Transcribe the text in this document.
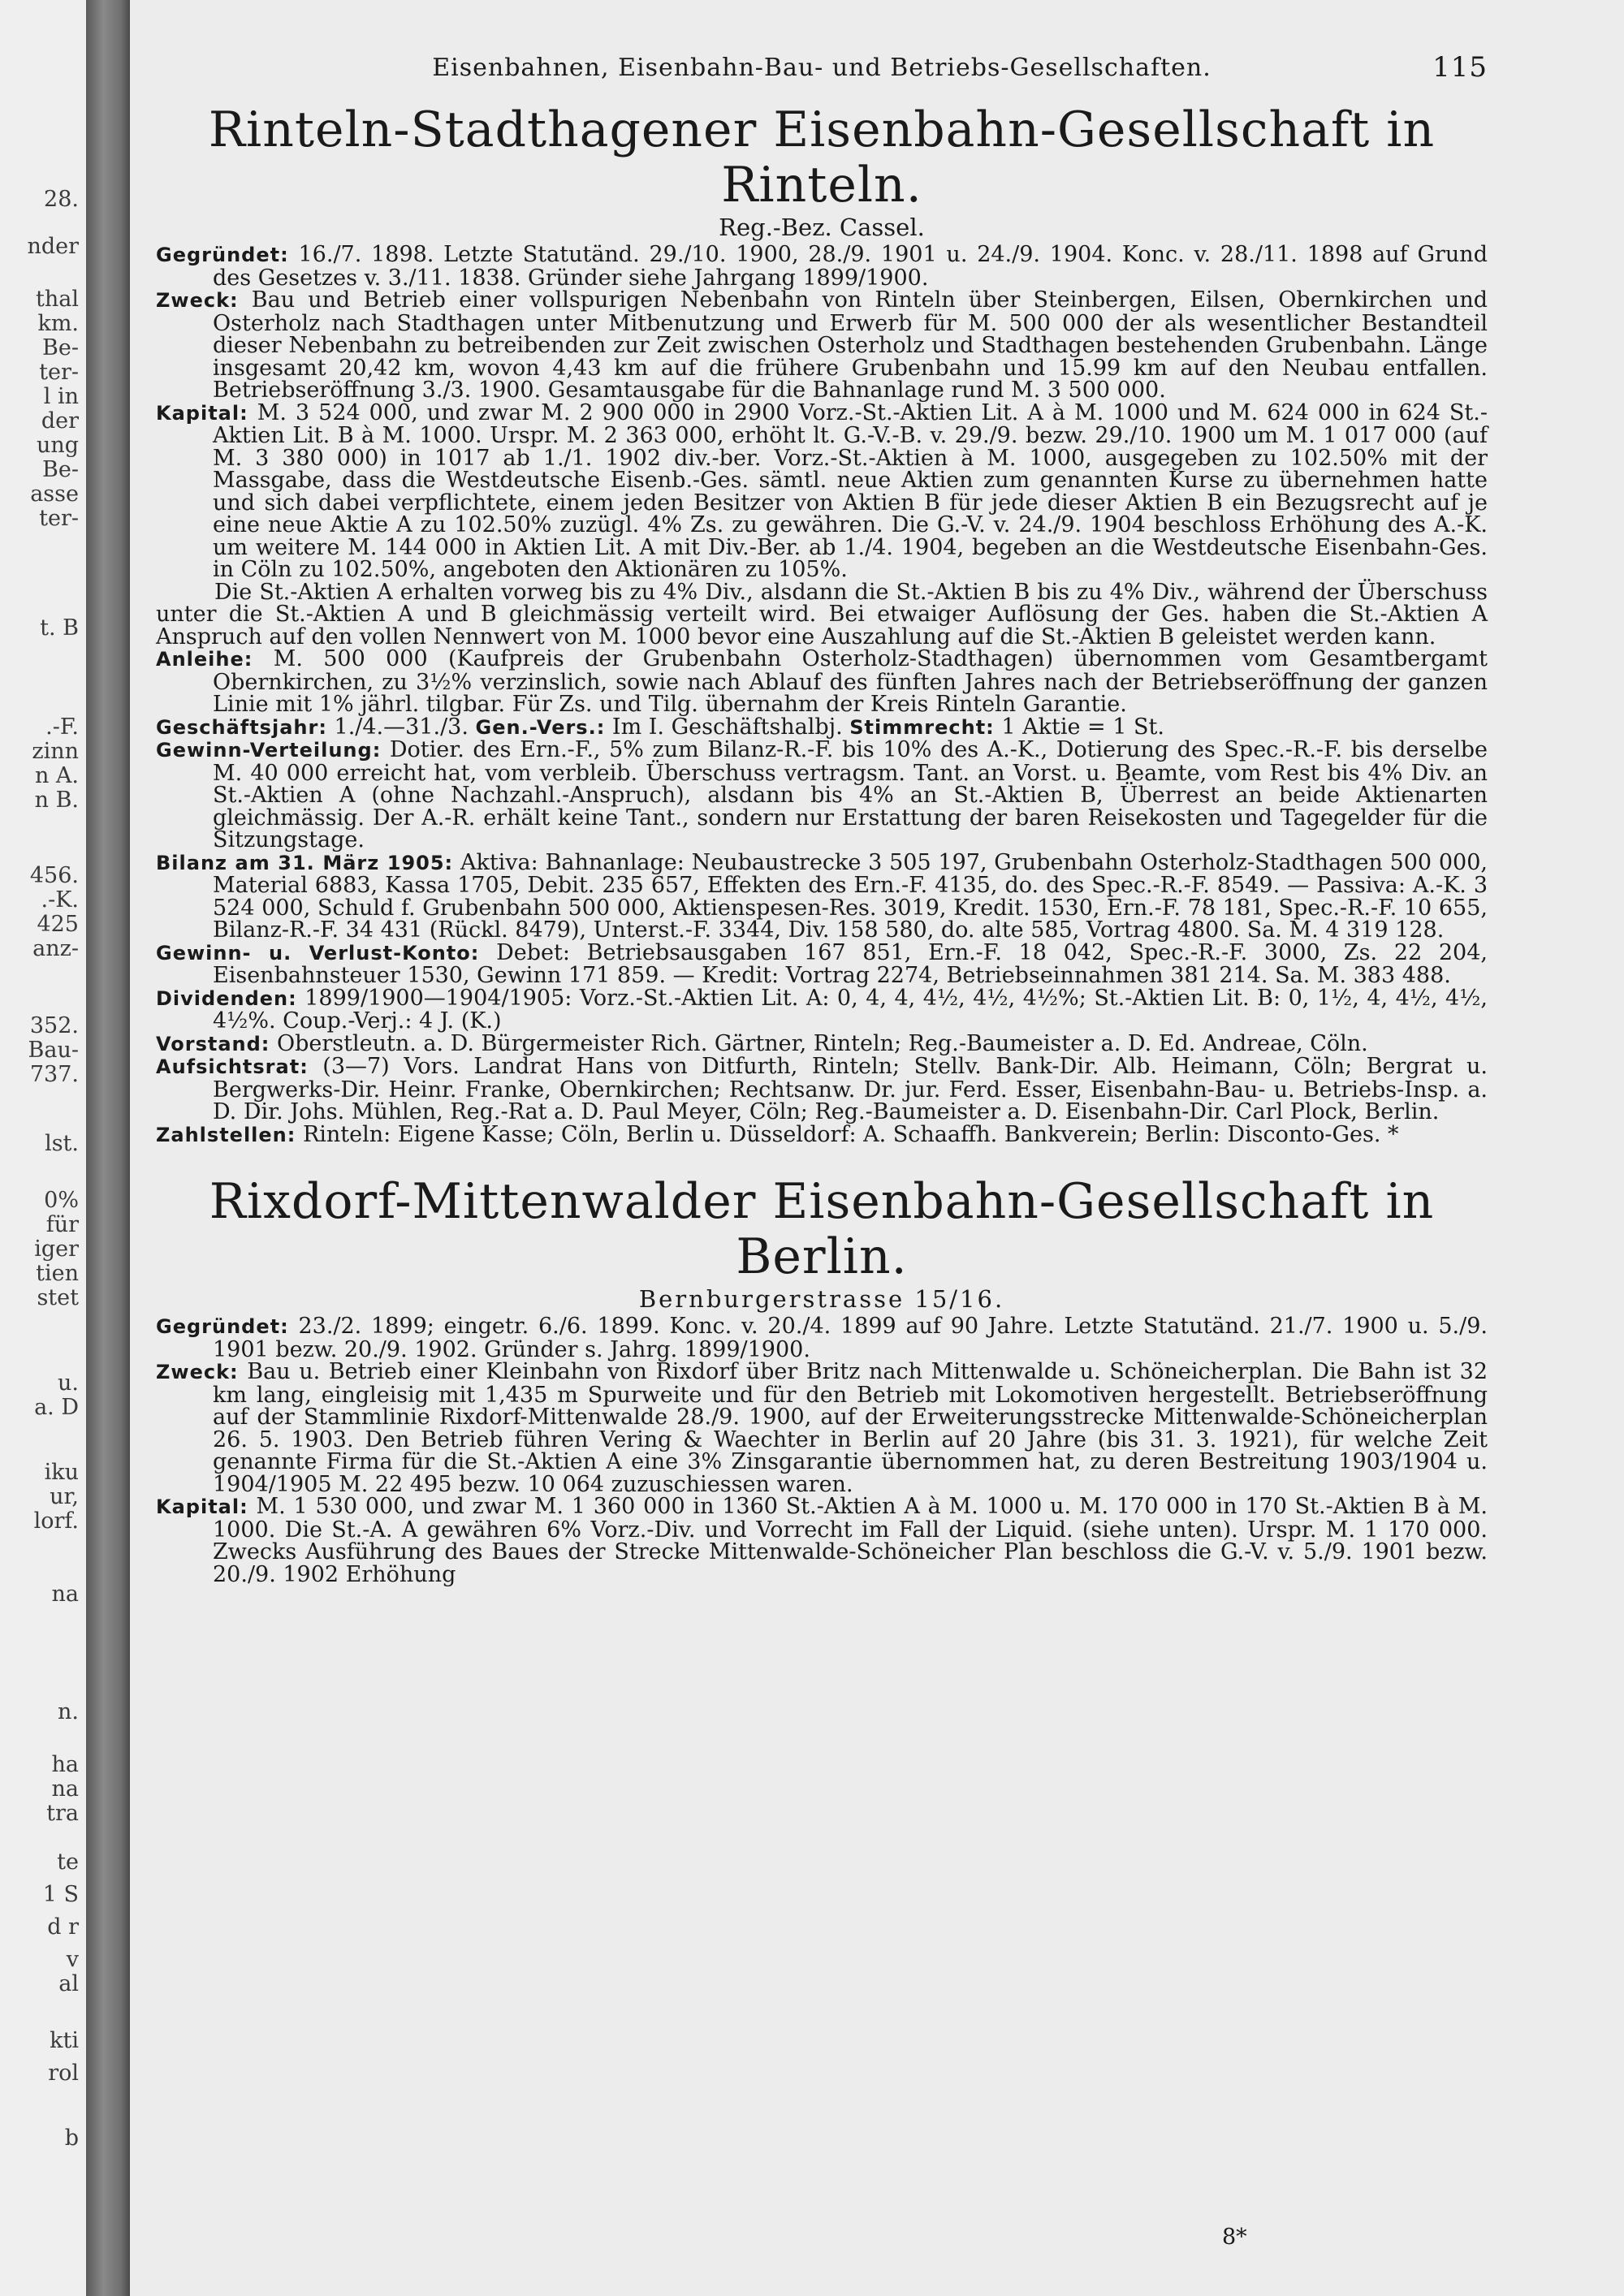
28.
nder
thal
km.
Be-
ter-
l in
der
ung
Be-
asse
ter-
t. B
.-F.
zinn
n A.
n B.
456.
.-K.
425
anz-
352.
Bau-
737.
lst.
0%
für
iger
tien
stet
u.
a. D
iku
ur,
lorf.
na
n.
ha
na
tra
te
1 S
d r
v
al
kti
rol
b
Eisenbahnen, Eisenbahn-Bau- und Betriebs-Gesellschaften.	115
Rinteln-Stadthagener Eisenbahn-Gesellschaft in Rinteln.
Reg.-Bez. Cassel.

Gegründet: 16./7. 1898. Letzte Statutänd. 29./10. 1900, 28./9. 1901 u. 24./9. 1904. Konc. v. 28./11. 1898 auf Grund des Gesetzes v. 3./11. 1838. Gründer siehe Jahrgang 1899/1900.

Zweck: Bau und Betrieb einer vollspurigen Nebenbahn von Rinteln über Steinbergen, Eilsen, Obernkirchen und Osterholz nach Stadthagen unter Mitbenutzung und Erwerb für M. 500 000 der als wesentlicher Bestandteil dieser Nebenbahn zu betreibenden zur Zeit zwischen Osterholz und Stadthagen bestehenden Grubenbahn. Länge insgesamt 20,42 km, wovon 4,43 km auf die frühere Grubenbahn und 15.99 km auf den Neubau entfallen. Betriebseröffnung 3./3. 1900. Gesamtausgabe für die Bahnanlage rund M. 3 500 000.

Kapital: M. 3 524 000, und zwar M. 2 900 000 in 2900 Vorz.-St.-Aktien Lit. A à M. 1000 und M. 624 000 in 624 St.-Aktien Lit. B à M. 1000. Urspr. M. 2 363 000, erhöht lt. G.-V.-B. v. 29./9. bezw. 29./10. 1900 um M. 1 017 000 (auf M. 3 380 000) in 1017 ab 1./1. 1902 div.-ber. Vorz.-St.-Aktien à M. 1000, ausgegeben zu 102.50% mit der Massgabe, dass die Westdeutsche Eisenb.-Ges. sämtl. neue Aktien zum genannten Kurse zu übernehmen hatte und sich dabei verpflichtete, einem jeden Besitzer von Aktien B für jede dieser Aktien B ein Bezugsrecht auf je eine neue Aktie A zu 102.50% zuzügl. 4% Zs. zu gewähren. Die G.-V. v. 24./9. 1904 beschloss Erhöhung des A.-K. um weitere M. 144 000 in Aktien Lit. A mit Div.-Ber. ab 1./4. 1904, begeben an die Westdeutsche Eisenbahn-Ges. in Cöln zu 102.50%, angeboten den Aktionären zu 105%.

Die St.-Aktien A erhalten vorweg bis zu 4% Div., alsdann die St.-Aktien B bis zu 4% Div., während der Überschuss unter die St.-Aktien A und B gleichmässig verteilt wird. Bei etwaiger Auflösung der Ges. haben die St.-Aktien A Anspruch auf den vollen Nennwert von M. 1000 bevor eine Auszahlung auf die St.-Aktien B geleistet werden kann.

Anleihe: M. 500 000 (Kaufpreis der Grubenbahn Osterholz-Stadthagen) übernommen vom Gesamtbergamt Obernkirchen, zu 3½% verzinslich, sowie nach Ablauf des fünften Jahres nach der Betriebseröffnung der ganzen Linie mit 1% jährl. tilgbar. Für Zs. und Tilg. übernahm der Kreis Rinteln Garantie.

Geschäftsjahr: 1./4.—31./3. Gen.-Vers.: Im I. Geschäftshalbj. Stimmrecht: 1 Aktie = 1 St.

Gewinn-Verteilung: Dotier. des Ern.-F., 5% zum Bilanz-R.-F. bis 10% des A.-K., Dotierung des Spec.-R.-F. bis derselbe M. 40 000 erreicht hat, vom verbleib. Überschuss vertragsm. Tant. an Vorst. u. Beamte, vom Rest bis 4% Div. an St.-Aktien A (ohne Nachzahl.-Anspruch), alsdann bis 4% an St.-Aktien B, Überrest an beide Aktienarten gleichmässig. Der A.-R. erhält keine Tant., sondern nur Erstattung der baren Reisekosten und Tagegelder für die Sitzungstage.

Bilanz am 31. März 1905: Aktiva: Bahnanlage: Neubaustrecke 3 505 197, Grubenbahn Osterholz-Stadthagen 500 000, Material 6883, Kassa 1705, Debit. 235 657, Effekten des Ern.-F. 4135, do. des Spec.-R.-F. 8549. — Passiva: A.-K. 3 524 000, Schuld f. Grubenbahn 500 000, Aktienspesen-Res. 3019, Kredit. 1530, Ern.-F. 78 181, Spec.-R.-F. 10 655, Bilanz-R.-F. 34 431 (Rückl. 8479), Unterst.-F. 3344, Div. 158 580, do. alte 585, Vortrag 4800. Sa. M. 4 319 128.

Gewinn- u. Verlust-Konto: Debet: Betriebsausgaben 167 851, Ern.-F. 18 042, Spec.-R.-F. 3000, Zs. 22 204, Eisenbahnsteuer 1530, Gewinn 171 859. — Kredit: Vortrag 2274, Betriebseinnahmen 381 214. Sa. M. 383 488.

Dividenden: 1899/1900—1904/1905: Vorz.-St.-Aktien Lit. A: 0, 4, 4, 4½, 4½, 4½%; St.-Aktien Lit. B: 0, 1½, 4, 4½, 4½, 4½%. Coup.-Verj.: 4 J. (K.)

Vorstand: Oberstleutn. a. D. Bürgermeister Rich. Gärtner, Rinteln; Reg.-Baumeister a. D. Ed. Andreae, Cöln.

Aufsichtsrat: (3—7) Vors. Landrat Hans von Ditfurth, Rinteln; Stellv. Bank-Dir. Alb. Heimann, Cöln; Bergrat u. Bergwerks-Dir. Heinr. Franke, Obernkirchen; Rechtsanw. Dr. jur. Ferd. Esser, Eisenbahn-Bau- u. Betriebs-Insp. a. D. Dir. Johs. Mühlen, Reg.-Rat a. D. Paul Meyer, Cöln; Reg.-Baumeister a. D. Eisenbahn-Dir. Carl Plock, Berlin.

Zahlstellen: Rinteln: Eigene Kasse; Cöln, Berlin u. Düsseldorf: A. Schaaffh. Bankverein; Berlin: Disconto-Ges. *

Rixdorf-Mittenwalder Eisenbahn-Gesellschaft in Berlin.
Bernburgerstrasse 15/16.

Gegründet: 23./2. 1899; eingetr. 6./6. 1899. Konc. v. 20./4. 1899 auf 90 Jahre. Letzte Statutänd. 21./7. 1900 u. 5./9. 1901 bezw. 20./9. 1902. Gründer s. Jahrg. 1899/1900.

Zweck: Bau u. Betrieb einer Kleinbahn von Rixdorf über Britz nach Mittenwalde u. Schöneicherplan. Die Bahn ist 32 km lang, eingleisig mit 1,435 m Spurweite und für den Betrieb mit Lokomotiven hergestellt. Betriebseröffnung auf der Stammlinie Rixdorf-Mittenwalde 28./9. 1900, auf der Erweiterungsstrecke Mittenwalde-Schöneicherplan 26. 5. 1903. Den Betrieb führen Vering & Waechter in Berlin auf 20 Jahre (bis 31. 3. 1921), für welche Zeit genannte Firma für die St.-Aktien A eine 3% Zinsgarantie übernommen hat, zu deren Bestreitung 1903/1904 u. 1904/1905 M. 22 495 bezw. 10 064 zuzuschiessen waren.

Kapital: M. 1 530 000, und zwar M. 1 360 000 in 1360 St.-Aktien A à M. 1000 u. M. 170 000 in 170 St.-Aktien B à M. 1000. Die St.-A. A gewähren 6% Vorz.-Div. und Vorrecht im Fall der Liquid. (siehe unten). Urspr. M. 1 170 000. Zwecks Ausführung des Baues der Strecke Mittenwalde-Schöneicher Plan beschloss die G.-V. v. 5./9. 1901 bezw. 20./9. 1902 Erhöhung

8*
